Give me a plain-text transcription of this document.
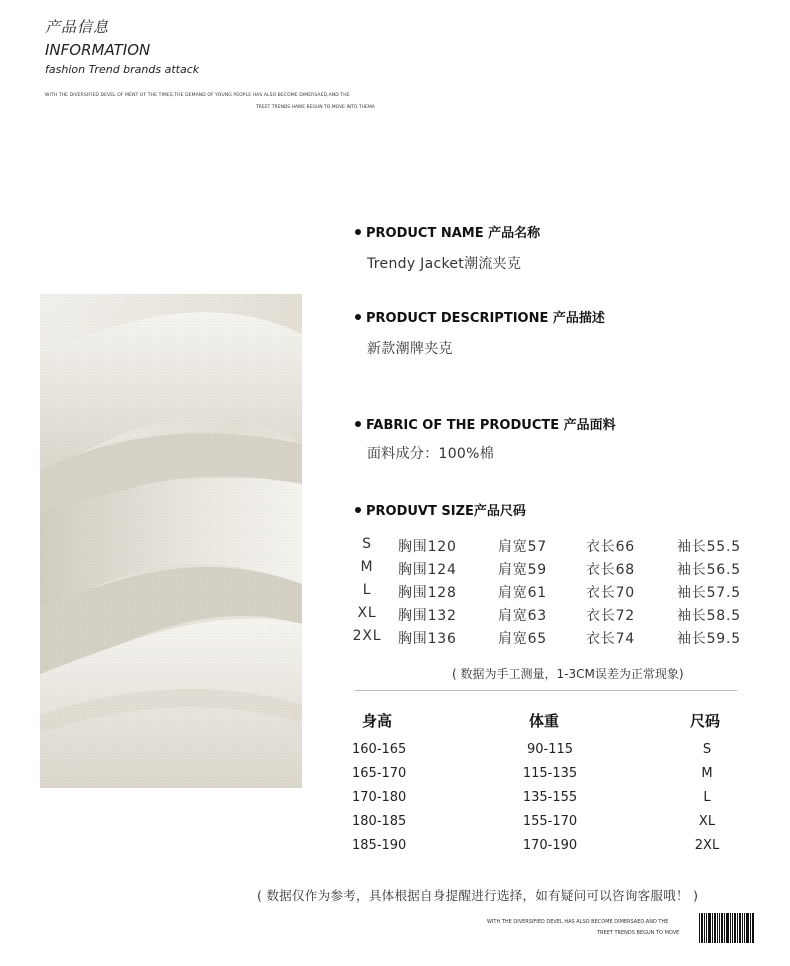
产品信息
INFORMATION
fashion Trend brands attack
WITH THE DIVERSIFIED DEVEL OF MENT OF THE TIMES,THE DEMAND OF YOUNG PEOPLE HAS ALSO BECOME DIMERSAED,AND THE
TREET TRENDS HAWE BEGUN TO MOVE INTO THEMA
PRODUCT NAME 产品名称
Trendy Jacket潮流夹克
PRODUCT DESCRIPTIONE 产品描述
新款潮牌夹克
FABRIC OF THE PRODUCTE 产品面料
面料成分：100%棉
PRODUVT SIZE产品尺码
S	胸围120	肩宽57	衣长66	袖长55.5
M	胸围124	肩宽59	衣长68	袖长56.5
L	胸围128	肩宽61	衣长70	袖长57.5
XL	胸围132	肩宽63	衣长72	袖长58.5
2XL 胸围136	肩宽65	衣长74	袖长59.5
( 数据为手工测量，1-3CM误差为正常现象)
身高	体重	尺码
160-165	90-115	S
165-170	115-135	M
170-180	135-155	L
180-185	155-170	XL
185-190	170-190	2XL
( 数据仅作为参考，具体根据自身提醒进行选择，如有疑问可以咨询客服哦！ )
WITH THE DIVERSIFIED DEVEL HAS ALSO BECOME DIMERSAED,AND THE
TREET TRENDS BEGUN TO MOVE
